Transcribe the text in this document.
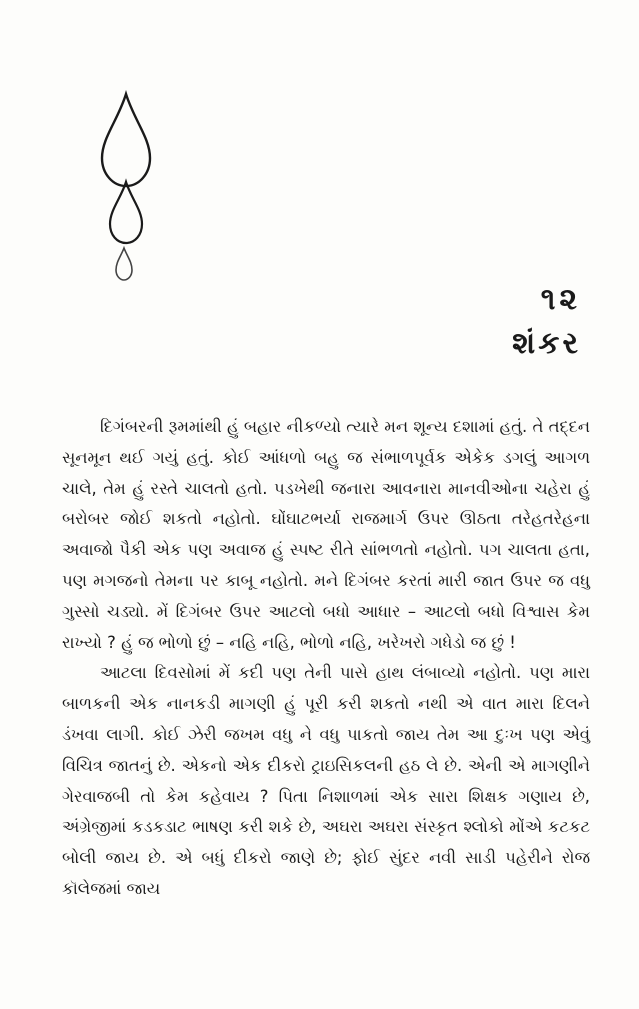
૧૨
શંકર

દિગંબરની રૂમમાંથી હું બહાર નીકળ્યો ત્યારે મન શૂન્ય દશામાં હતું. તે તદ્દન સૂનમૂન થઈ ગયું હતું. કોઈ આંધળો બહુ જ સંભાળપૂર્વક એકેક ડગલું આગળ ચાલે, તેમ હું રસ્તે ચાલતો હતો. પડખેથી જનારા આવનારા માનવીઓના ચહેરા હું બરોબર જોઈ શકતો નહોતો. ઘોંઘાટભર્યા રાજમાર્ગ ઉપર ઊઠતા તરેહતરેહના અવાજો પૈકી એક પણ અવાજ હું સ્પષ્ટ રીતે સાંભળતો નહોતો. પગ ચાલતા હતા, પણ મગજનો તેમના પર કાબૂ નહોતો. મને દિગંબર કરતાં મારી જાત ઉપર જ વધુ ગુસ્સો ચડ્યો. મેં દિગંબર ઉપર આટલો બધો આધાર – આટલો બધો વિશ્વાસ કેમ રાખ્યો ? હું જ ભોળો છું – નહિ નહિ, ભોળો નહિ, ખરેખરો ગધેડો જ છું !

આટલા દિવસોમાં મેં કદી પણ તેની પાસે હાથ લંબાવ્યો નહોતો. પણ મારા બાળકની એક નાનકડી માગણી હું પૂરી કરી શકતો નથી એ વાત મારા દિલને ડંખવા લાગી. કોઈ ઝેરી જખમ વધુ ને વધુ પાકતો જાય તેમ આ દુઃખ પણ એવું વિચિત્ર જાતનું છે. એકનો એક દીકરો ટ્રાઇસિકલની હઠ લે છે. એની એ માગણીને ગેરવાજબી તો કેમ કહેવાય ? પિતા નિશાળમાં એક સારા શિક્ષક ગણાય છે, અંગ્રેજીમાં કડકડાટ ભાષણ કરી શકે છે, અઘરા અઘરા સંસ્કૃત શ્લોકો મોંએ કટકટ બોલી જાય છે. એ બધું દીકરો જાણે છે; ફોઈ સુંદર નવી સાડી પહેરીને રોજ કૉલેજમાં જાય
